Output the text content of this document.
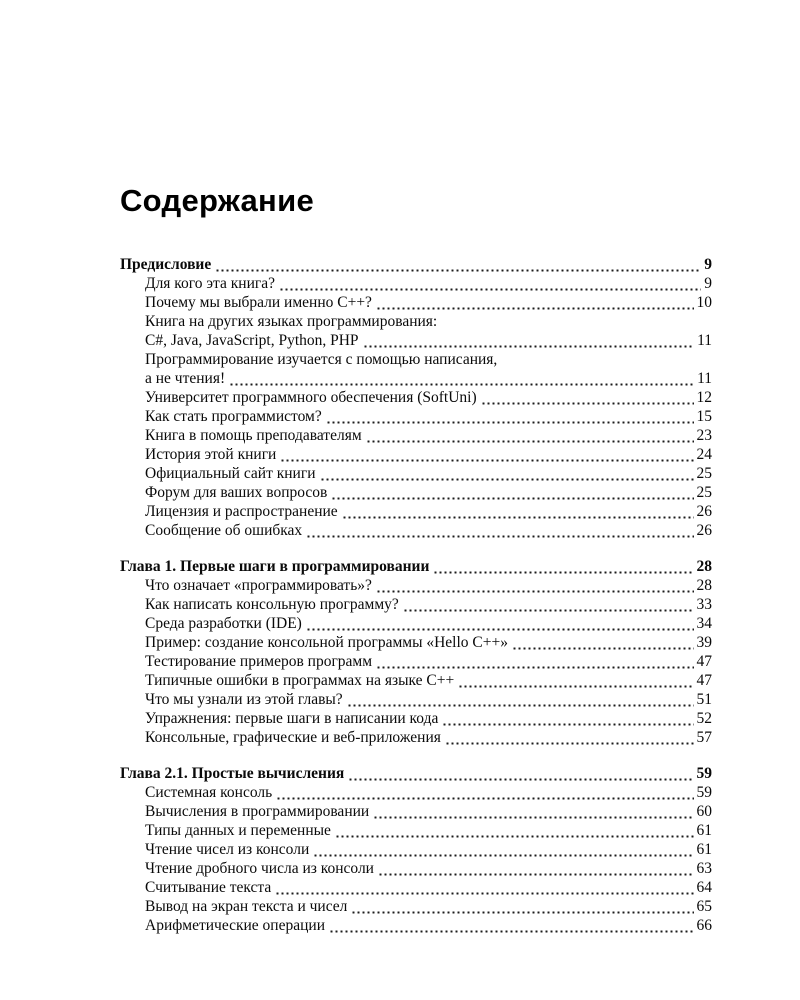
Содержание
Предисловие	9
Для кого эта книга?	9
Почему мы выбрали именно C++?	10
Книга на других языках программирования:
C#, Java, JavaScript, Python, PHP	11
Программирование изучается с помощью написания,
а не чтения!	11
Университет программного обеспечения (SoftUni)	12
Как стать программистом?	15
Книга в помощь преподавателям	23
История этой книги	24
Официальный сайт книги	25
Форум для ваших вопросов	25
Лицензия и распространение	26
Сообщение об ошибках	26
Глава 1. Первые шаги в программировании	28
Что означает «программировать»?	28
Как написать консольную программу?	33
Среда разработки (IDE)	34
Пример: создание консольной программы «Hello C++»	39
Тестирование примеров программ	47
Типичные ошибки в программах на языке C++	47
Что мы узнали из этой главы?	51
Упражнения: первые шаги в написании кода	52
Консольные, графические и веб-приложения	57
Глава 2.1. Простые вычисления	59
Системная консоль	59
Вычисления в программировании	60
Типы данных и переменные	61
Чтение чисел из консоли	61
Чтение дробного числа из консоли	63
Считывание текста	64
Вывод на экран текста и чисел	65
Арифметические операции	66
